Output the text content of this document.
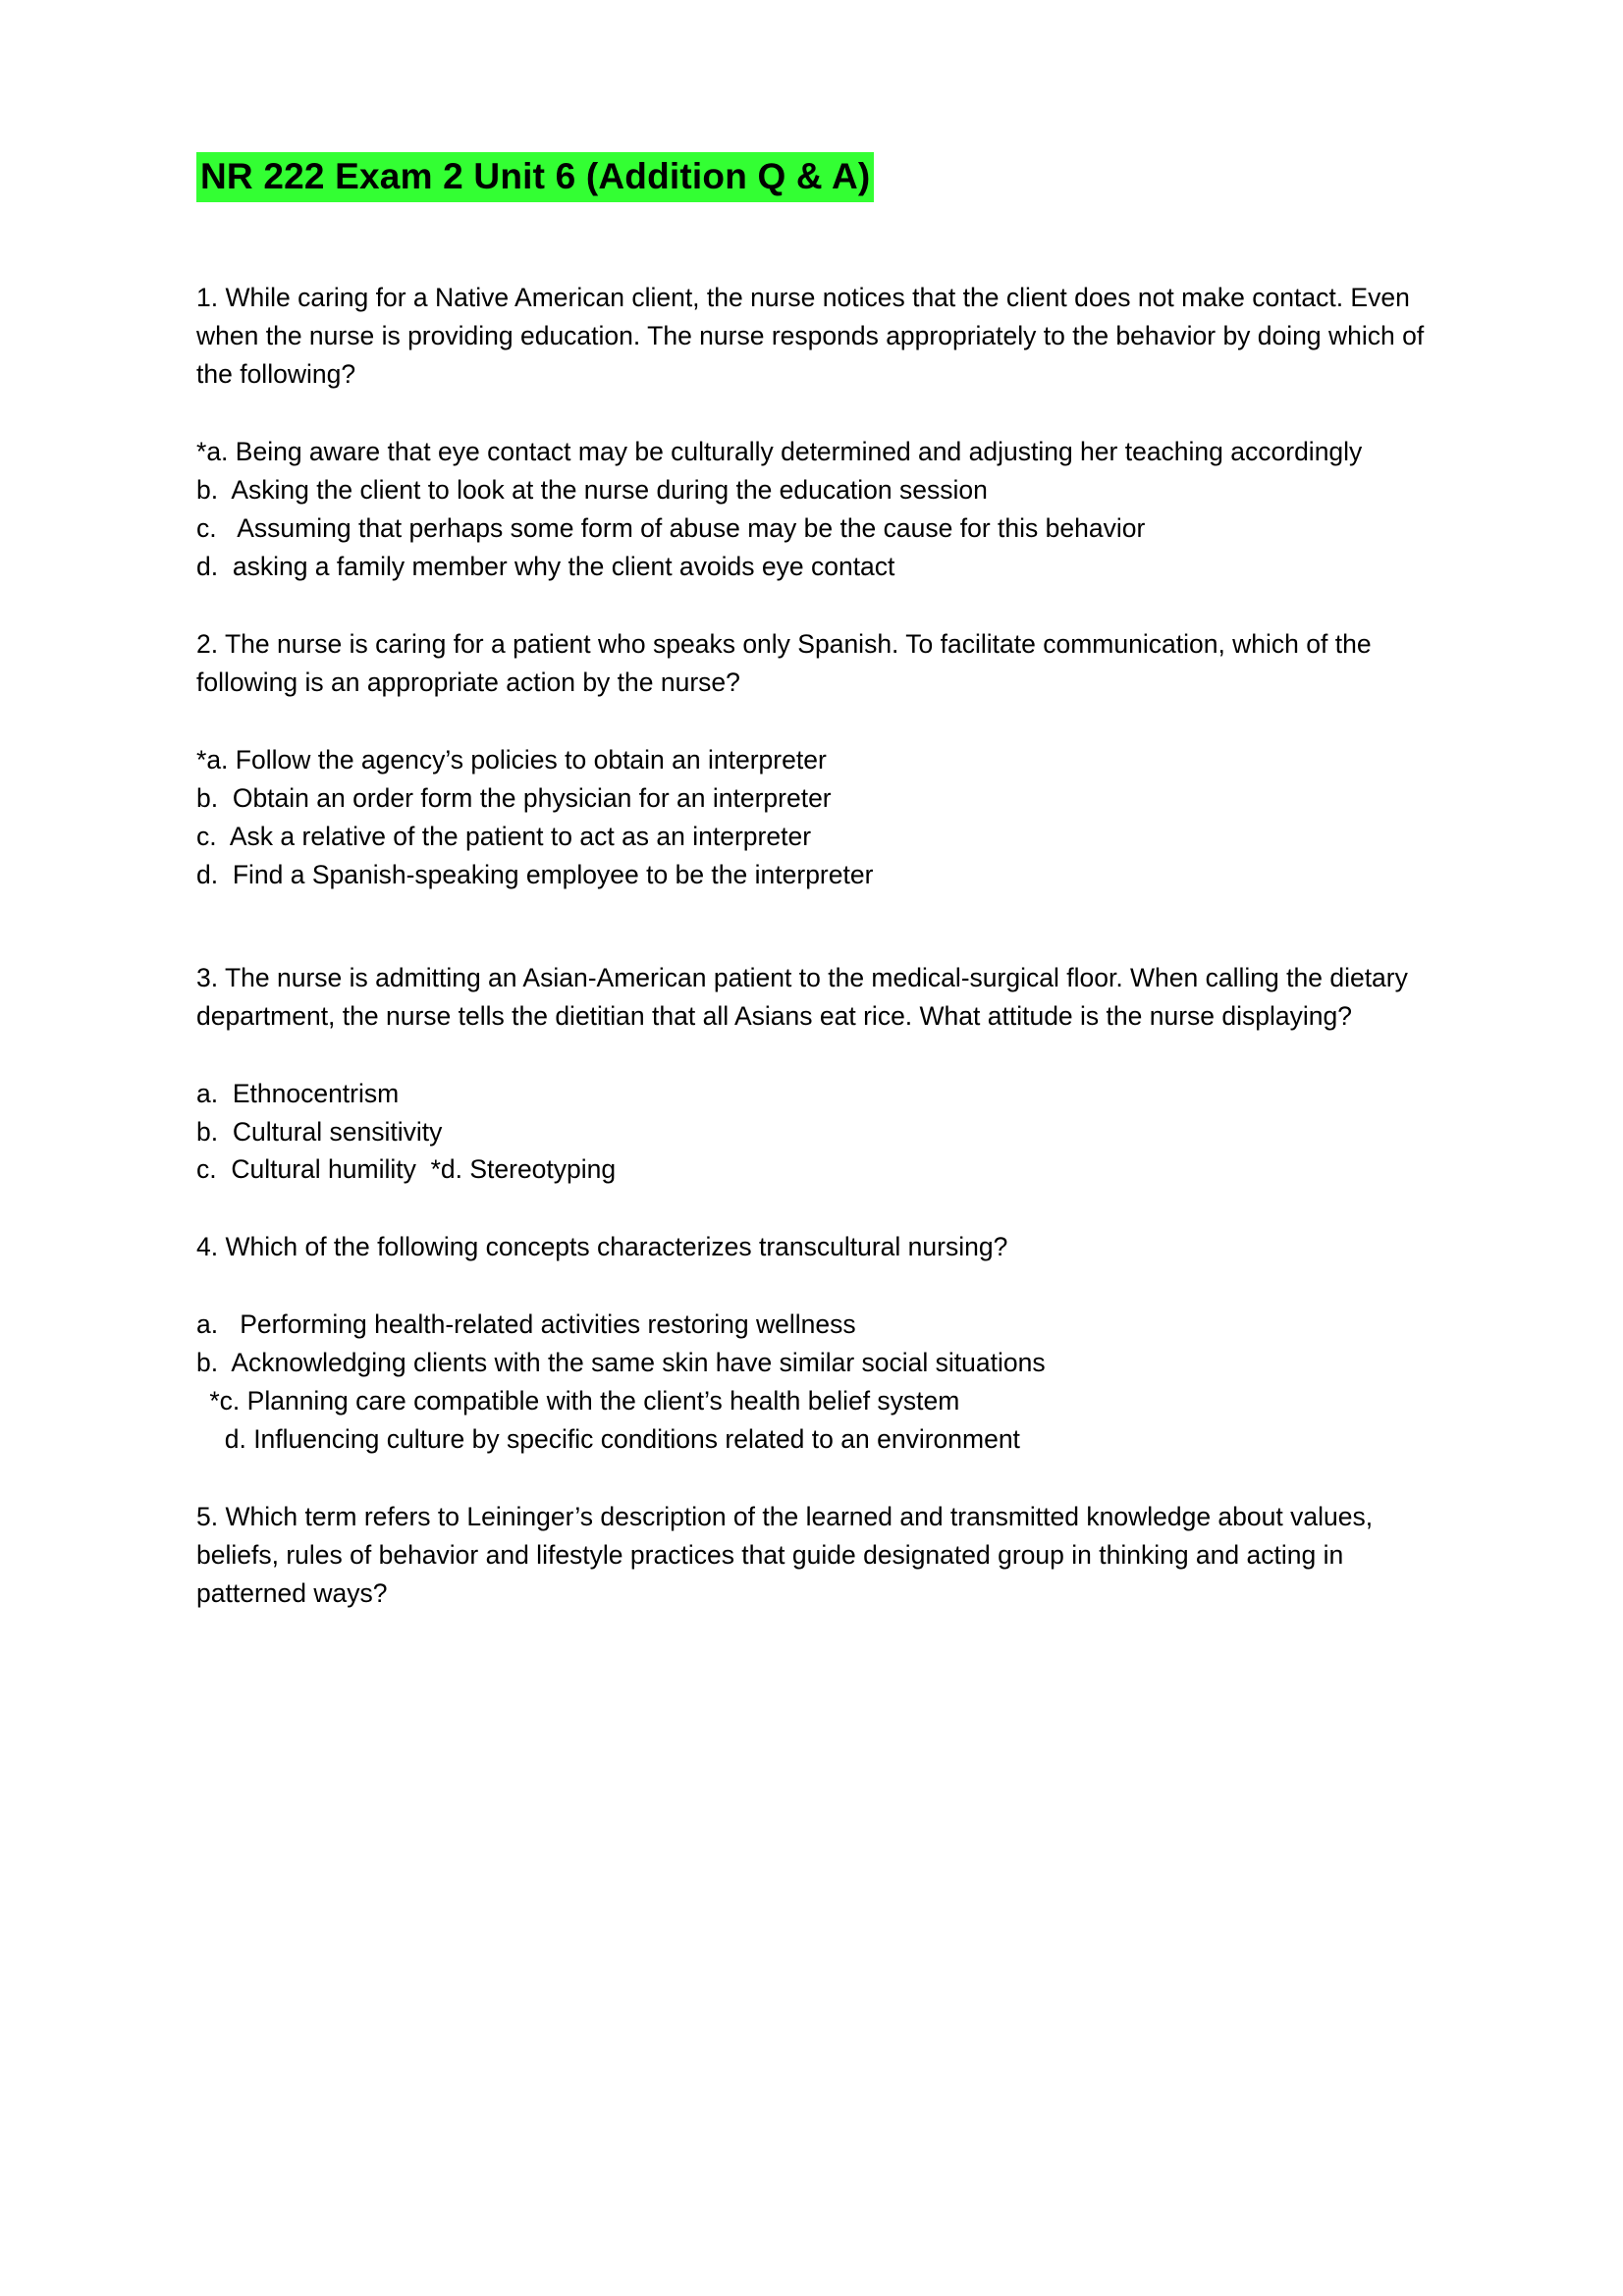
NR 222 Exam 2 Unit 6 (Addition Q & A)

1. While caring for a Native American client, the nurse notices that the client does not make contact. Even when the nurse is providing education. The nurse responds appropriately to the behavior by doing which of the following?

*a. Being aware that eye contact may be culturally determined and adjusting her teaching accordingly
b.  Asking the client to look at the nurse during the education session
c.   Assuming that perhaps some form of abuse may be the cause for this behavior
d.  asking a family member why the client avoids eye contact

2. The nurse is caring for a patient who speaks only Spanish. To facilitate communication, which of the following is an appropriate action by the nurse?

*a. Follow the agency’s policies to obtain an interpreter
b.  Obtain an order form the physician for an interpreter
c.  Ask a relative of the patient to act as an interpreter
d.  Find a Spanish-speaking employee to be the interpreter

3. The nurse is admitting an Asian-American patient to the medical-surgical floor. When calling the dietary department, the nurse tells the dietitian that all Asians eat rice. What attitude is the nurse displaying?

a.  Ethnocentrism
b.  Cultural sensitivity
c.  Cultural humility  *d. Stereotyping

4. Which of the following concepts characterizes transcultural nursing?

a.   Performing health-related activities restoring wellness
b.  Acknowledging clients with the same skin have similar social situations
*c. Planning care compatible with the client’s health belief system
d. Influencing culture by specific conditions related to an environment

5. Which term refers to Leininger’s description of the learned and transmitted knowledge about values, beliefs, rules of behavior and lifestyle practices that guide designated group in thinking and acting in patterned ways?
